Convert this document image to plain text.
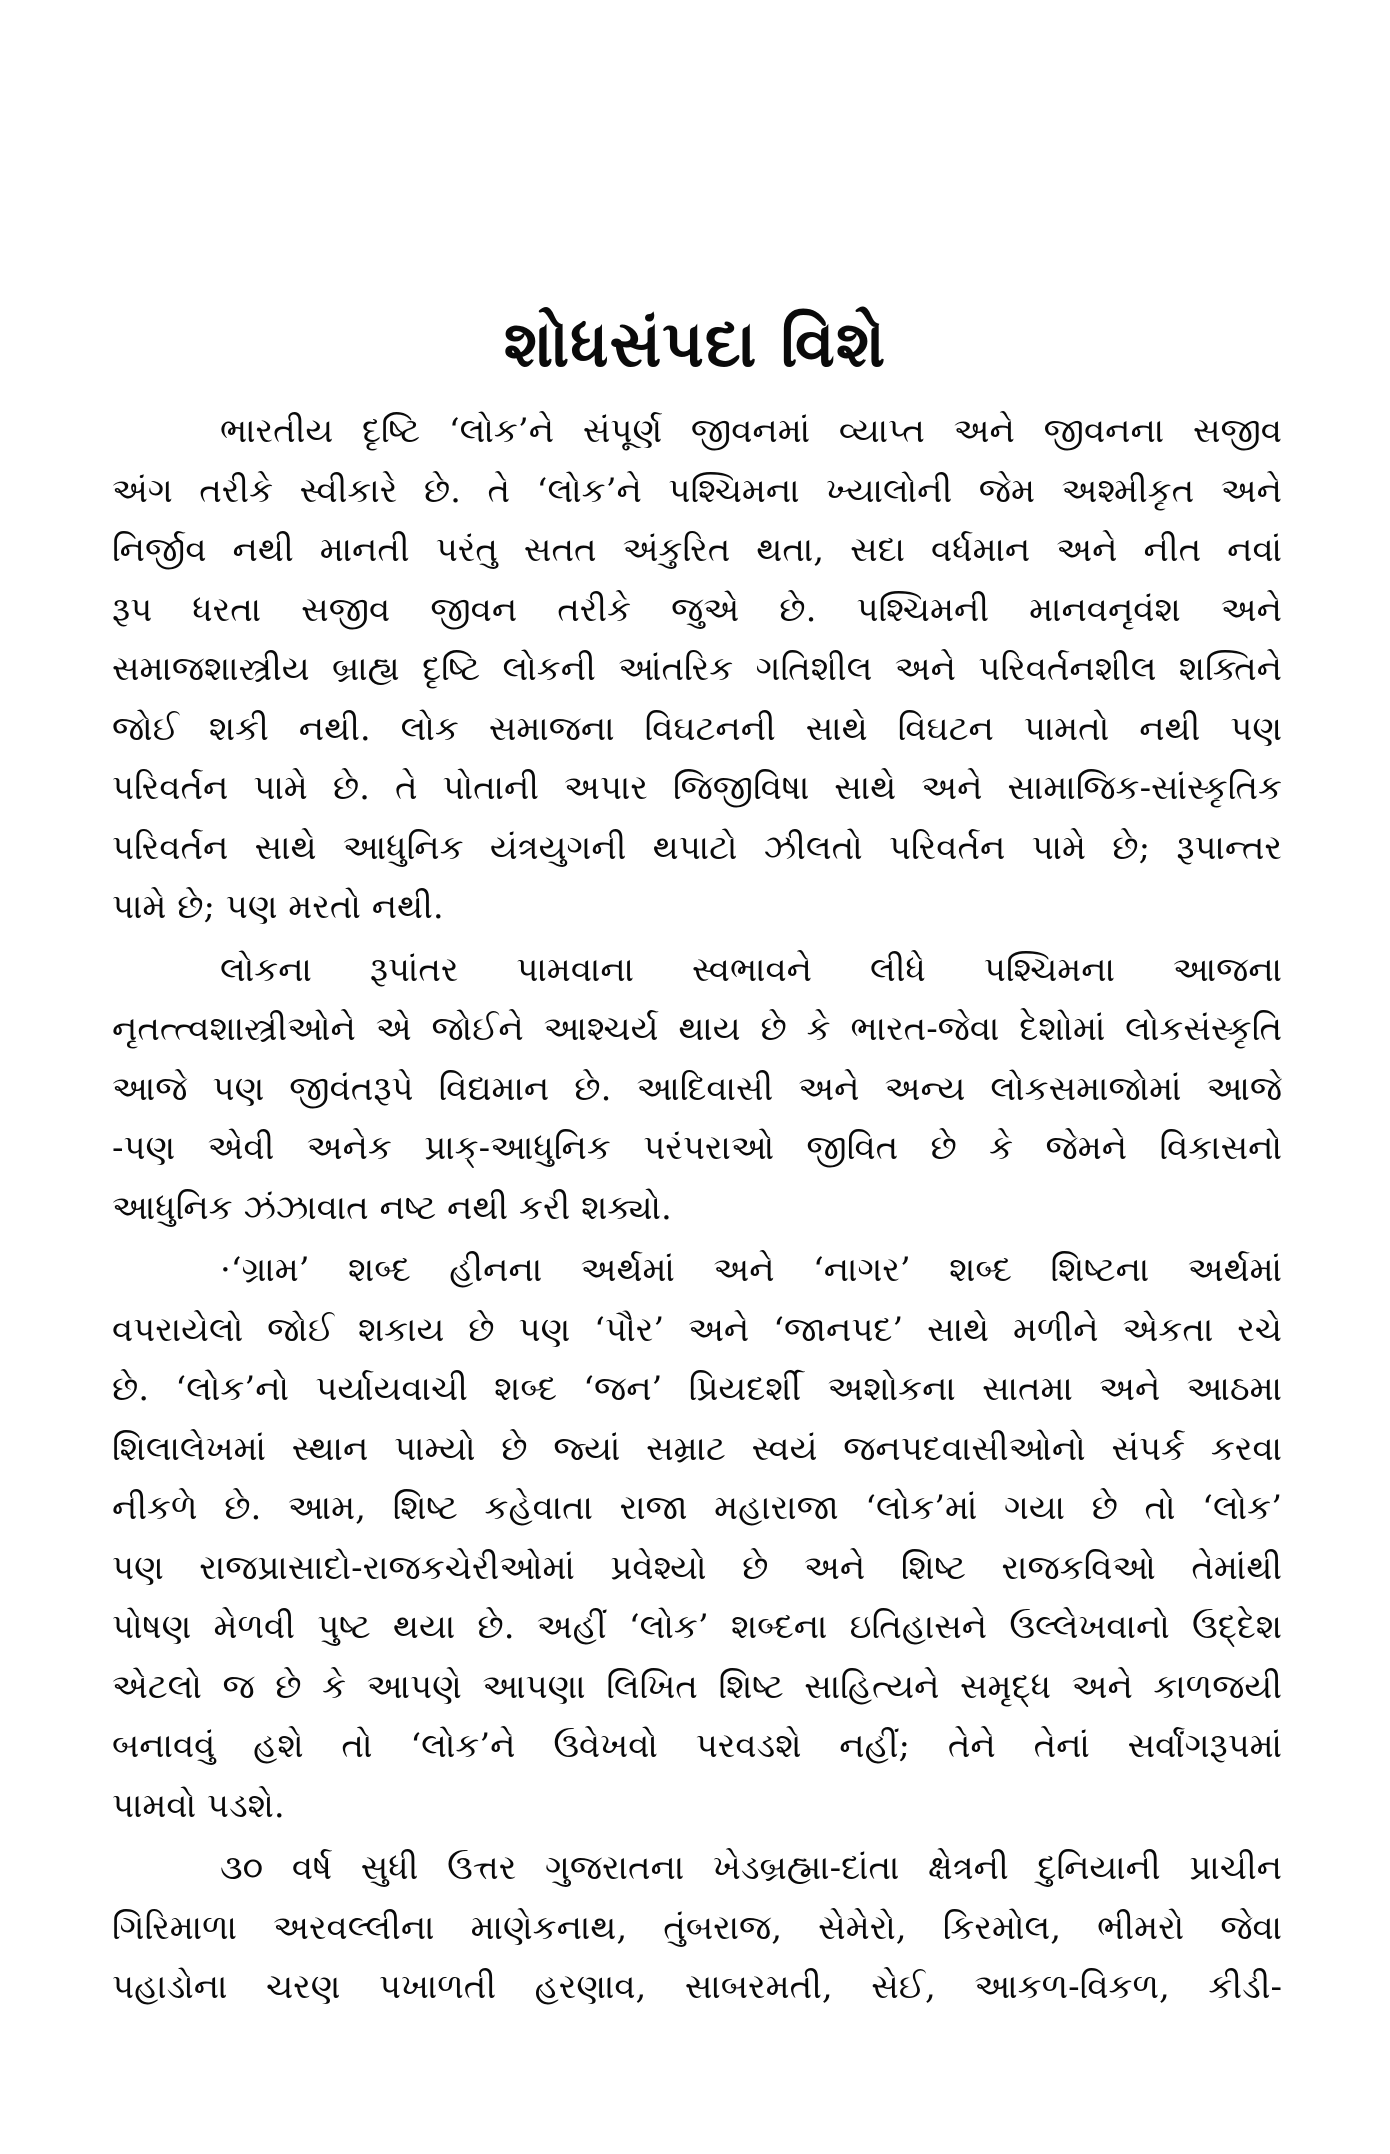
શોધસંપદા વિશે

ભારતીય દૃષ્ટિ ‘લોક’ને સંપૂર્ણ જીવનમાં વ્યાપ્ત અને જીવનના સજીવ
અંગ તરીકે સ્વીકારે છે. તે ‘લોક’ને પશ્ચિમના ખ્યાલોની જેમ અશ્મીકૃત અને
નિર્જીવ નથી માનતી પરંતુ સતત અંકુરિત થતા, સદા વર્ધમાન અને નીત નવાં
રૂપ ધરતા સજીવ જીવન તરીકે જુએ છે. પશ્ચિમની માનવનૃવંશ અને
સમાજશાસ્ત્રીય બ્રાહ્ય દૃષ્ટિ લોકની આંતરિક ગતિશીલ અને પરિવર્તનશીલ શક્તિને
જોઈ શકી નથી. લોક સમાજના વિઘટનની સાથે વિઘટન પામતો નથી પણ
પરિવર્તન પામે છે. તે પોતાની અપાર જિજીવિષા સાથે અને સામાજિક-સાંસ્કૃતિક
પરિવર્તન સાથે આધુનિક યંત્રયુગની થપાટો ઝીલતો પરિવર્તન પામે છે; રૂપાન્તર
પામે છે; પણ મરતો નથી.

લોકના રૂપાંતર પામવાના સ્વભાવને લીધે પશ્ચિમના આજના
નૃતત્ત્વશાસ્ત્રીઓને એ જોઈને આશ્ચર્ય થાય છે કે ભારત-જેવા દેશોમાં લોકસંસ્કૃતિ
આજે પણ જીવંતરૂપે વિદ્યમાન છે. આદિવાસી અને અન્ય લોકસમાજોમાં આજે
-પણ એવી અનેક પ્રાક્-આધુનિક પરંપરાઓ જીવિત છે કે જેમને વિકાસનો
આધુનિક ઝંઝાવાત નષ્ટ નથી કરી શક્યો.

·‘ગ્રામ’ શબ્દ હીનના અર્થમાં અને ‘નાગર’ શબ્દ શિષ્ટના અર્થમાં
વપરાયેલો જોઈ શકાય છે પણ ‘પૌર’ અને ‘જાનપદ’ સાથે મળીને એકતા રચે
છે. ‘લોક’નો પર્યાયવાચી શબ્દ ‘જન’ પ્રિયદર્શી અશોકના સાતમા અને આઠમા
શિલાલેખમાં સ્થાન પામ્યો છે જ્યાં સમ્રાટ સ્વયં જનપદવાસીઓનો સંપર્ક કરવા
નીકળે છે. આમ, શિષ્ટ કહેવાતા રાજા મહારાજા ‘લોક’માં ગયા છે તો ‘લોક’
પણ રાજપ્રાસાદો-રાજકચેરીઓમાં પ્રવેશ્યો છે અને શિષ્ટ રાજકવિઓ તેમાંથી
પોષણ મેળવી પુષ્ટ થયા છે. અહીં ‘લોક’ શબ્દના ઇતિહાસને ઉલ્લેખવાનો ઉદ્દેશ
એટલો જ છે કે આપણે આપણા લિખિત શિષ્ટ સાહિત્યને સમૃદ્ધ અને કાળજયી
બનાવવું હશે તો ‘લોક’ને ઉવેખવો પરવડશે નહીં; તેને તેનાં સર્વાંગરૂપમાં
પામવો પડશે.

૩૦ વર્ષ સુધી ઉત્તર ગુજરાતના ખેડબ્રહ્મા-દાંતા ક્ષેત્રની દુનિયાની પ્રાચીન
ગિરિમાળા અરવલ્લીના માણેકનાથ, તુંબરાજ, સેમેરો, કિરમોલ, ભીમરો જેવા
પહાડોના ચરણ પખાળતી હરણાવ, સાબરમતી, સેઈ, આકળ-વિકળ, કીડી-
